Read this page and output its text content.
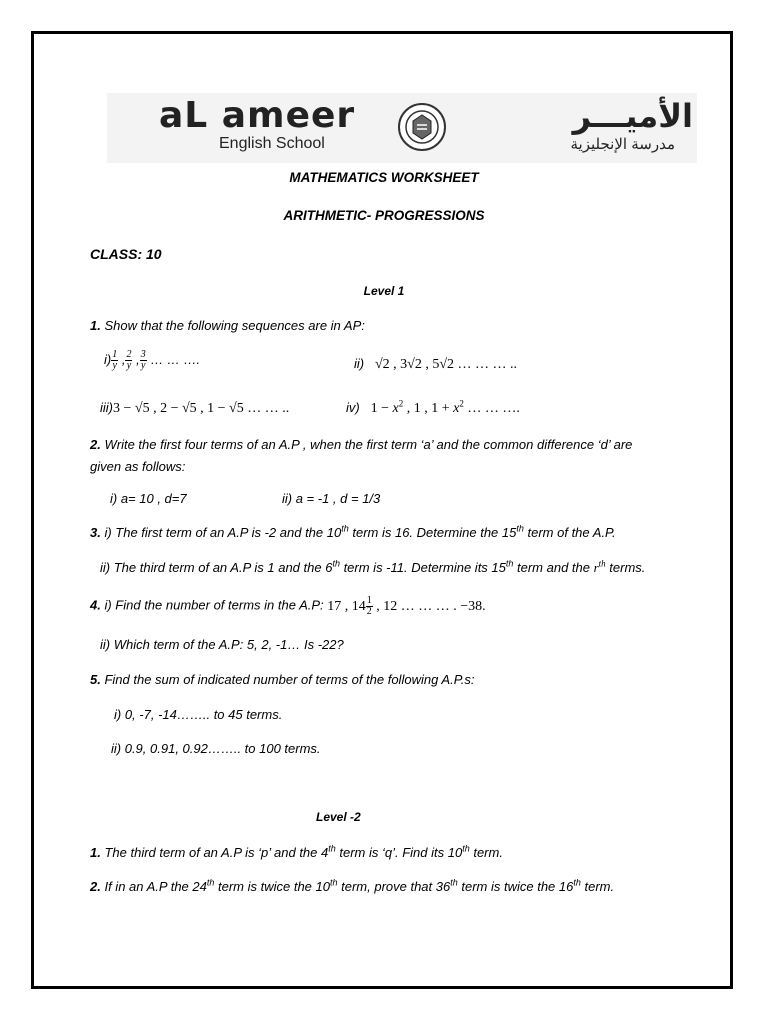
aL ameer
English School
الأميـــر
مدرسة الإنجليزية
MATHEMATICS WORKSHEET
ARITHMETIC- PROGRESSIONS
CLASS: 10
Level 1
1. Show that the following sequences are in AP:
$i) \frac{1}{y}$ , $\frac{2}{y}$ , $\frac{3}{y}$ … … ….	ii) √2 , 3√2 , 5√2 … … … ..
iii)3 − √5 , 2 − √5 , 1 − √5 … … ..	iv) $1 - x^2$ , 1 , $1 + x^2$ … … ….
2. Write the first four terms of an A.P , when the first term ‘a’ and the common difference ‘d’ are
given as follows:
i) a= 10 , d=7	ii) a = -1 , d = 1/3
3. i) The first term of an A.P is -2 and the 10th term is 16. Determine the 15th term of the A.P.
ii) The third term of an A.P is 1 and the 6th term is -11. Determine its 15th term and the $r^{th}$ terms.
4. i) Find the number of terms in the A.P: 17 , $14 \frac{1}{2}$ , 12 … … … . −38.
ii) Which term of the A.P: 5, 2, -1… Is -22?
5. Find the sum of indicated number of terms of the following A.P.s:
i) 0, -7, -14…….. to 45 terms.
ii) 0.9, 0.91, 0.92…….. to 100 terms.
Level -2
1. The third term of an A.P is ‘p’ and the 4th term is ‘q’. Find its 10th term.
2. If in an A.P the 24th term is twice the 10th term, prove that 36th term is twice the 16th term.
